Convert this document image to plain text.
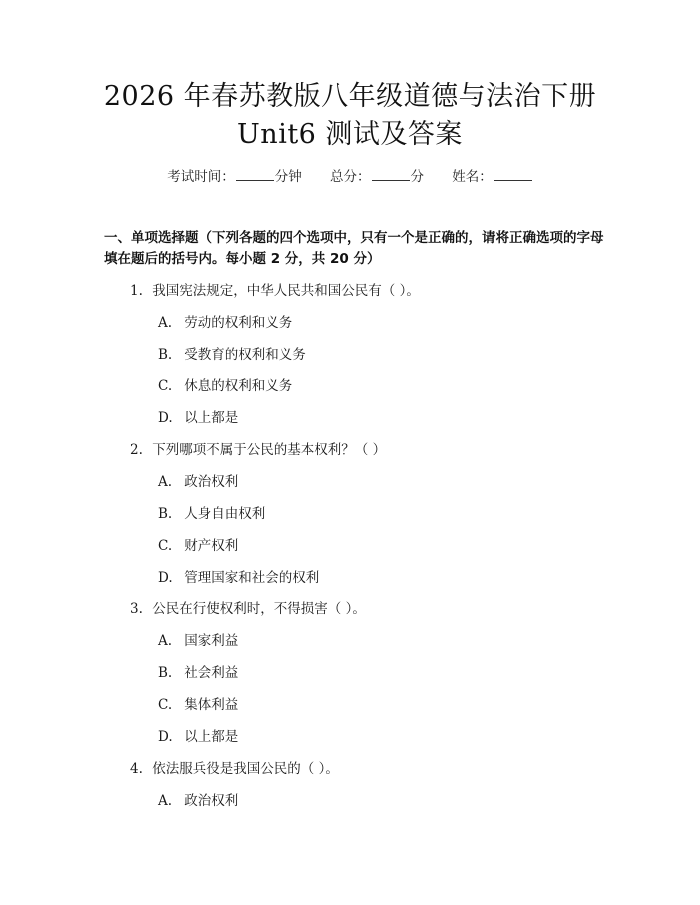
2026 年春苏教版八年级道德与法治下册
Unit6 测试及答案
考试时间：	分钟 总分：	分 姓名：
一、单项选择题（下列各题的四个选项中，只有一个是正确的，请将正确选项的字母填在题后的括号内。每小题 2 分，共 20 分）
1. 我国宪法规定，中华人民共和国公民有（ ）。
A. 劳动的权利和义务
B. 受教育的权利和义务
C. 休息的权利和义务
D. 以上都是
2. 下列哪项不属于公民的基本权利？（ ）
A. 政治权利
B. 人身自由权利
C. 财产权利
D. 管理国家和社会的权利
3. 公民在行使权利时，不得损害（ ）。
A. 国家利益
B. 社会利益
C. 集体利益
D. 以上都是
4. 依法服兵役是我国公民的（ ）。
A. 政治权利
